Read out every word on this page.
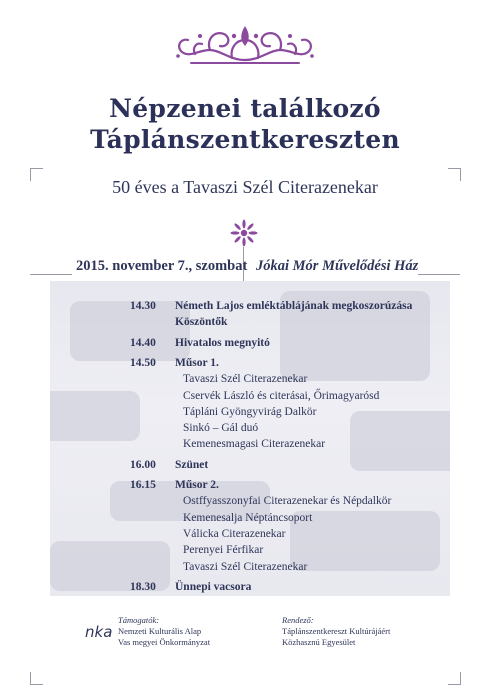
Népzenei találkozó
Táplánszentkereszten
50 éves a Tavaszi Szél Citerazenekar
2015. november 7., szombat Jókai Mór Művelődési Ház
14.30	Németh Lajos emléktáblájának megkoszorúzása
Köszöntők
14.40	Hivatalos megnyitó
14.50	Műsor 1.
Tavaszi Szél Citerazenekar
Cservék László és citerásai, Őrimagyarósd
Tápláni Gyöngyvirág Dalkör
Sinkó – Gál duó
Kemenesmagasi Citerazenekar
16.00	Szünet
16.15	Műsor 2.
Ostffyasszonyfai Citerazenekar és Népdalkör
Kemenesalja Néptáncsoport
Válicka Citerazenekar
Perenyei Férfikar
Tavaszi Szél Citerazenekar
18.30	Ünnepi vacsora
nka
Támogatók:
Nemzeti Kulturális Alap
Vas megyei Önkormányzat
Rendező:
Táplánszentkereszt Kultúrájáért
Közhasznú Egyesület
